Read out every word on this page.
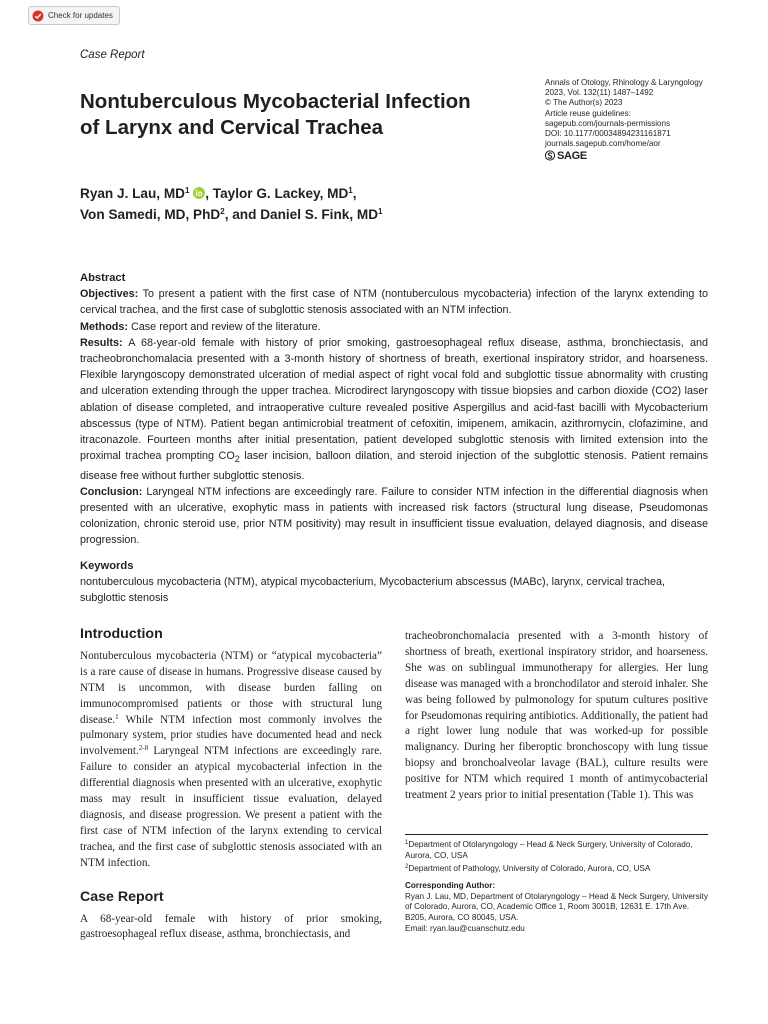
Check for updates
Case Report
Nontuberculous Mycobacterial Infection
of Larynx and Cervical Trachea
Annals of Otology, Rhinology & Laryngology
2023, Vol. 132(11) 1487–1492
© The Author(s) 2023
Article reuse guidelines:
sagepub.com/journals-permissions
DOI: 10.1177/00034894231161871
journals.sagepub.com/home/aor
SAGE
Ryan J. Lau, $MD^1$ , Taylor G. Lackey, $MD^1$,
Von Samedi, MD, PhD$^2$, and Daniel S. Fink, $MD^1$
Abstract

Objectives: To present a patient with the first case of NTM (nontuberculous mycobacteria) infection of the larynx extending to cervical trachea, and the first case of subglottic stenosis associated with an NTM infection.

Methods: Case report and review of the literature.

Results: A 68-year-old female with history of prior smoking, gastroesophageal reflux disease, asthma, bronchiectasis, and tracheobronchomalacia presented with a 3-month history of shortness of breath, exertional inspiratory stridor, and hoarseness. Flexible laryngoscopy demonstrated ulceration of medial aspect of right vocal fold and subglottic tissue abnormality with crusting and ulceration extending through the upper trachea. Microdirect laryngoscopy with tissue biopsies and carbon dioxide (CO2) laser ablation of disease completed, and intraoperative culture revealed positive Aspergillus and acid-fast bacilli with Mycobacterium abscessus (type of NTM). Patient began antimicrobial treatment of cefoxitin, imipenem, amikacin, azithromycin, clofazimine, and itraconazole. Fourteen months after initial presentation, patient developed subglottic stenosis with limited extension into the proximal trachea prompting $CO_2$ laser incision, balloon dilation, and steroid injection of the subglottic stenosis. Patient remains disease free without further subglottic stenosis.

Conclusion: Laryngeal NTM infections are exceedingly rare. Failure to consider NTM infection in the differential diagnosis when presented with an ulcerative, exophytic mass in patients with increased risk factors (structural lung disease, Pseudomonas colonization, chronic steroid use, prior NTM positivity) may result in insufficient tissue evaluation, delayed diagnosis, and disease progression.

Keywords
nontuberculous mycobacteria (NTM), atypical mycobacterium, Mycobacterium abscessus (MABc), larynx, cervical trachea, subglottic stenosis
Introduction

Nontuberculous mycobacteria (NTM) or “atypical mycobacteria” is a rare cause of disease in humans. Progressive disease caused by NTM is uncommon, with disease burden falling on immunocompromised patients or those with structural lung disease.$^1$ While NTM infection most commonly involves the pulmonary system, prior studies have documented head and neck involvement.$^{2-8}$ Laryngeal NTM infections are exceedingly rare. Failure to consider an atypical mycobacterial infection in the differential diagnosis when presented with an ulcerative, exophytic mass may result in insufficient tissue evaluation, delayed diagnosis, and disease progression. We present a patient with the first case of NTM infection of the larynx extending to cervical trachea, and the first case of subglottic stenosis associated with an NTM infection.

Case Report

A 68-year-old female with history of prior smoking, gastroesophageal reflux disease, asthma, bronchiectasis, and

tracheobronchomalacia presented with a 3-month history of shortness of breath, exertional inspiratory stridor, and hoarseness. She was on sublingual immunotherapy for allergies. Her lung disease was managed with a bronchodilator and steroid inhaler. She was being followed by pulmonology for sputum cultures positive for Pseudomonas requiring antibiotics. Additionally, the patient had a right lower lung nodule that was worked-up for possible malignancy. During her fiberoptic bronchoscopy with lung tissue biopsy and bronchoalveolar lavage (BAL), culture results were positive for NTM which required 1 month of antimycobacterial treatment 2 years prior to initial presentation (Table 1). This was

$^1$Department of Otolaryngology – Head & Neck Surgery, University of Colorado, Aurora, CO, USA

$^2$Department of Pathology, University of Colorado, Aurora, CO, USA

Corresponding Author:
Ryan J. Lau, MD, Department of Otolaryngology – Head & Neck Surgery, University of Colorado, Aurora, CO, Academic Office 1, Room 3001B, 12631 E. 17th Ave. B205, Aurora, CO 80045, USA.
Email: ryan.lau@cuanschutz.edu
